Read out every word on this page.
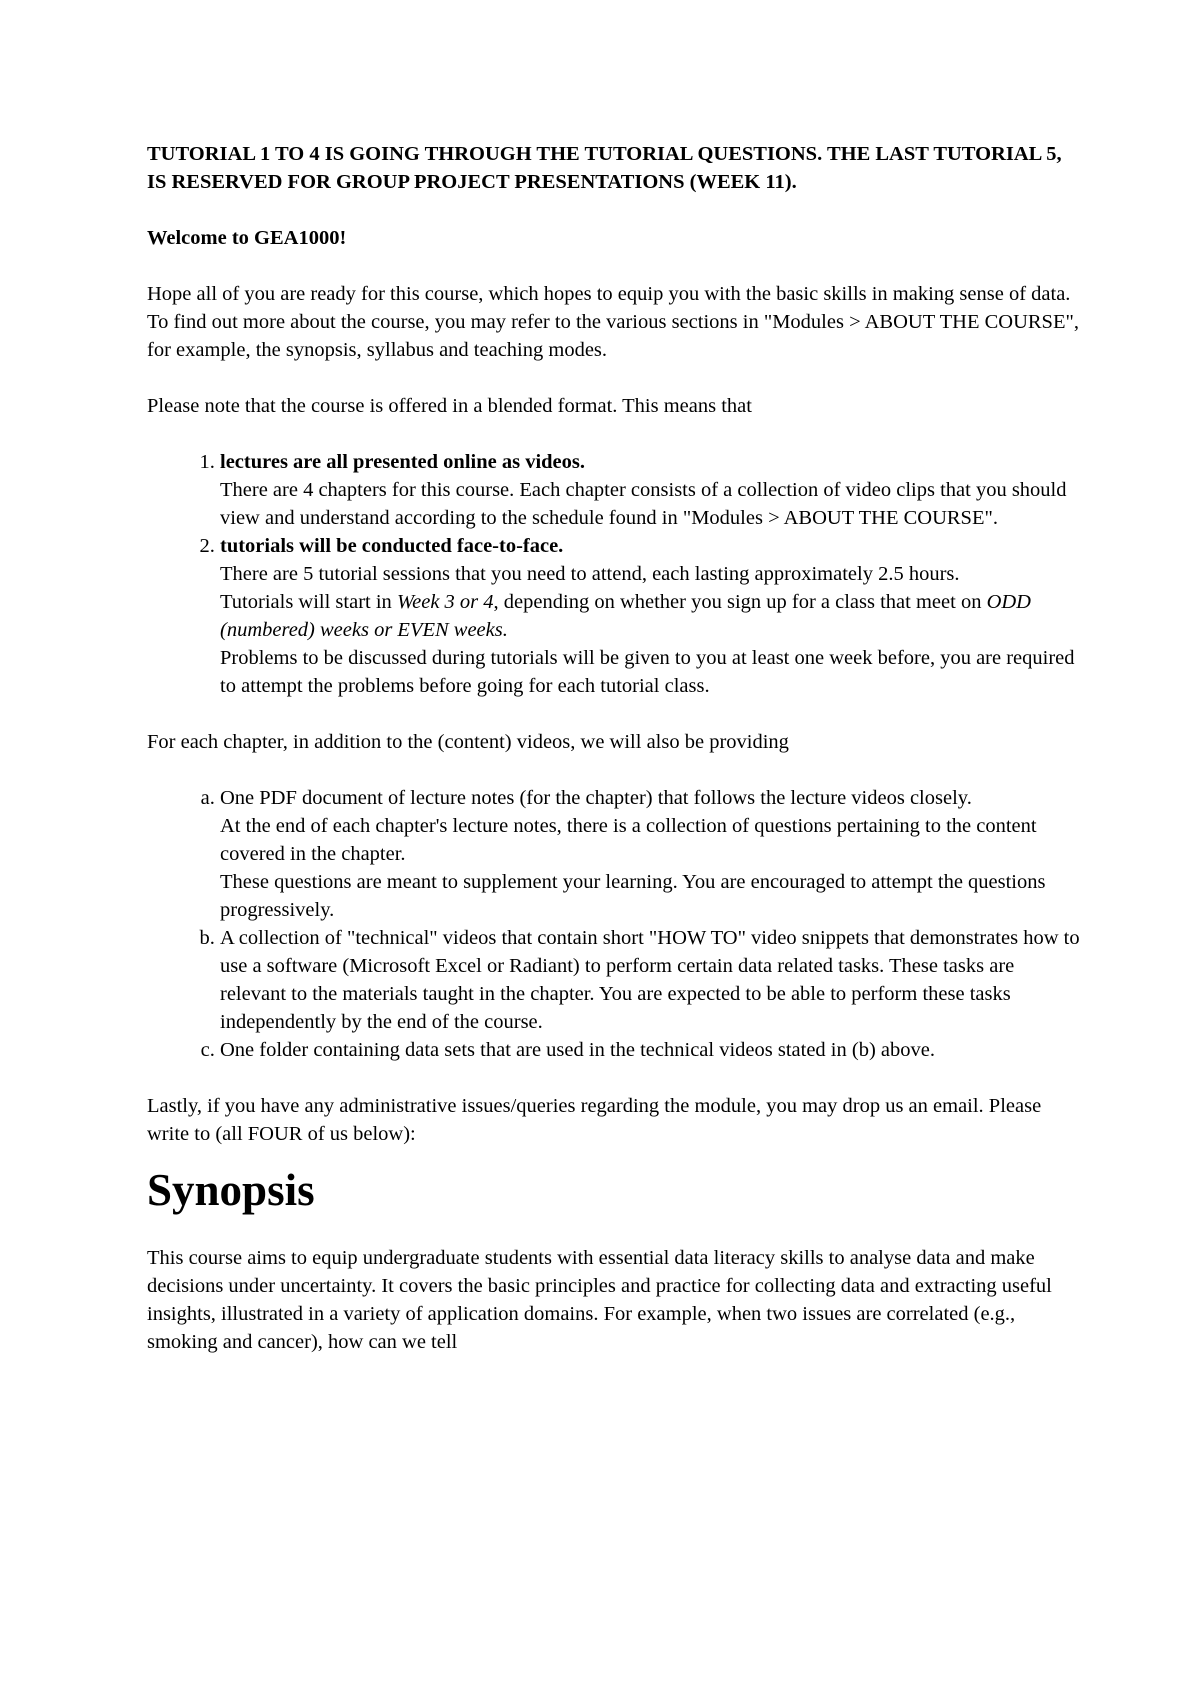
TUTORIAL 1 TO 4 IS GOING THROUGH THE TUTORIAL QUESTIONS. THE LAST TUTORIAL 5, IS RESERVED FOR GROUP PROJECT PRESENTATIONS (WEEK 11).

Welcome to GEA1000!

Hope all of you are ready for this course, which hopes to equip you with the basic skills in making sense of data.
To find out more about the course, you may refer to the various sections in "Modules > ABOUT THE COURSE", for example, the synopsis, syllabus and teaching modes.

Please note that the course is offered in a blended format. This means that

1. lectures are all presented online as videos.
There are 4 chapters for this course. Each chapter consists of a collection of video clips that you should view and understand according to the schedule found in "Modules > ABOUT THE COURSE".
2. tutorials will be conducted face-to-face.
There are 5 tutorial sessions that you need to attend, each lasting approximately 2.5 hours.
Tutorials will start in Week 3 or 4, depending on whether you sign up for a class that meet on ODD (numbered) weeks or EVEN weeks.
Problems to be discussed during tutorials will be given to you at least one week before, you are required to attempt the problems before going for each tutorial class.

For each chapter, in addition to the (content) videos, we will also be providing

a. One PDF document of lecture notes (for the chapter) that follows the lecture videos closely.
At the end of each chapter's lecture notes, there is a collection of questions pertaining to the content covered in the chapter.
These questions are meant to supplement your learning. You are encouraged to attempt the questions progressively.
b. A collection of "technical" videos that contain short "HOW TO" video snippets that demonstrates how to use a software (Microsoft Excel or Radiant) to perform certain data related tasks. These tasks are relevant to the materials taught in the chapter. You are expected to be able to perform these tasks independently by the end of the course.
c. One folder containing data sets that are used in the technical videos stated in (b) above.

Lastly, if you have any administrative issues/queries regarding the module, you may drop us an email. Please write to (all FOUR of us below):

Synopsis

This course aims to equip undergraduate students with essential data literacy skills to analyse data and make decisions under uncertainty. It covers the basic principles and practice for collecting data and extracting useful insights, illustrated in a variety of application domains. For example, when two issues are correlated (e.g., smoking and cancer), how can we tell
